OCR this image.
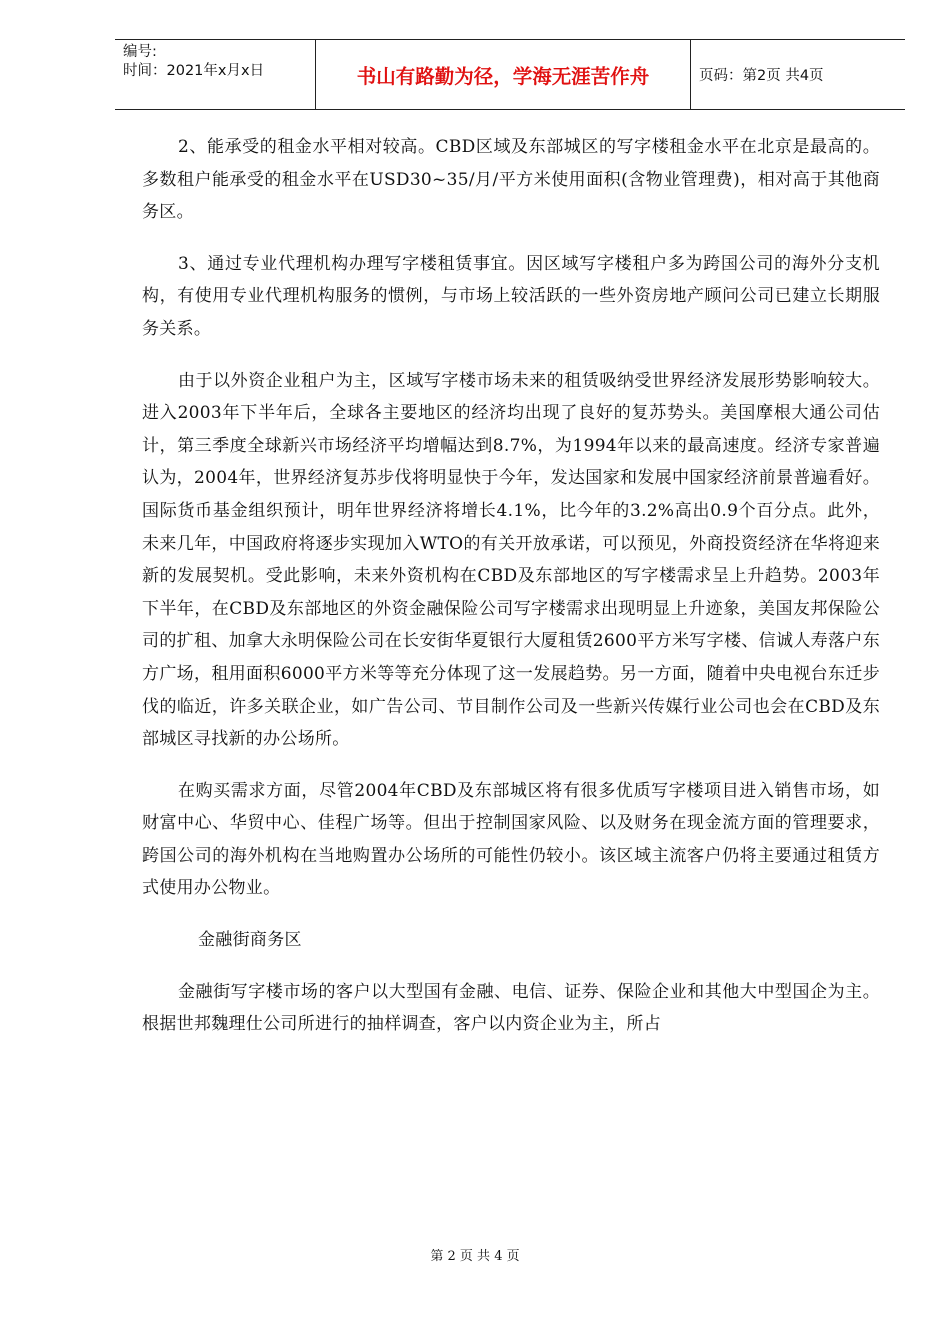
编号:
时间：2021年x月x日	书山有路勤为径，学海无涯苦作舟	页码：第2页 共4页

2、能承受的租金水平相对较高。CBD区域及东部城区的写字楼租金水平在北京是最高的。多数租户能承受的租金水平在USD30~35/月/平方米使用面积(含物业管理费)，相对高于其他商务区。

3、通过专业代理机构办理写字楼租赁事宜。因区域写字楼租户多为跨国公司的海外分支机构，有使用专业代理机构服务的惯例，与市场上较活跃的一些外资房地产顾问公司已建立长期服务关系。

由于以外资企业租户为主，区域写字楼市场未来的租赁吸纳受世界经济发展形势影响较大。进入2003年下半年后，全球各主要地区的经济均出现了良好的复苏势头。美国摩根大通公司估计，第三季度全球新兴市场经济平均增幅达到8.7%，为1994年以来的最高速度。经济专家普遍认为，2004年，世界经济复苏步伐将明显快于今年，发达国家和发展中国家经济前景普遍看好。国际货币基金组织预计，明年世界经济将增长4.1%，比今年的3.2%高出0.9个百分点。此外，未来几年，中国政府将逐步实现加入WTO的有关开放承诺，可以预见，外商投资经济在华将迎来新的发展契机。受此影响，未来外资机构在CBD及东部地区的写字楼需求呈上升趋势。2003年下半年，在CBD及东部地区的外资金融保险公司写字楼需求出现明显上升迹象，美国友邦保险公司的扩租、加拿大永明保险公司在长安街华夏银行大厦租赁2600平方米写字楼、信诚人寿落户东方广场，租用面积6000平方米等等充分体现了这一发展趋势。另一方面，随着中央电视台东迁步伐的临近，许多关联企业，如广告公司、节目制作公司及一些新兴传媒行业公司也会在CBD及东部城区寻找新的办公场所。

在购买需求方面，尽管2004年CBD及东部城区将有很多优质写字楼项目进入销售市场，如财富中心、华贸中心、佳程广场等。但出于控制国家风险、以及财务在现金流方面的管理要求，跨国公司的海外机构在当地购置办公场所的可能性仍较小。该区域主流客户仍将主要通过租赁方式使用办公物业。

金融街商务区

金融街写字楼市场的客户以大型国有金融、电信、证券、保险企业和其他大中型国企为主。根据世邦魏理仕公司所进行的抽样调查，客户以内资企业为主，所占

第 2 页 共 4 页
